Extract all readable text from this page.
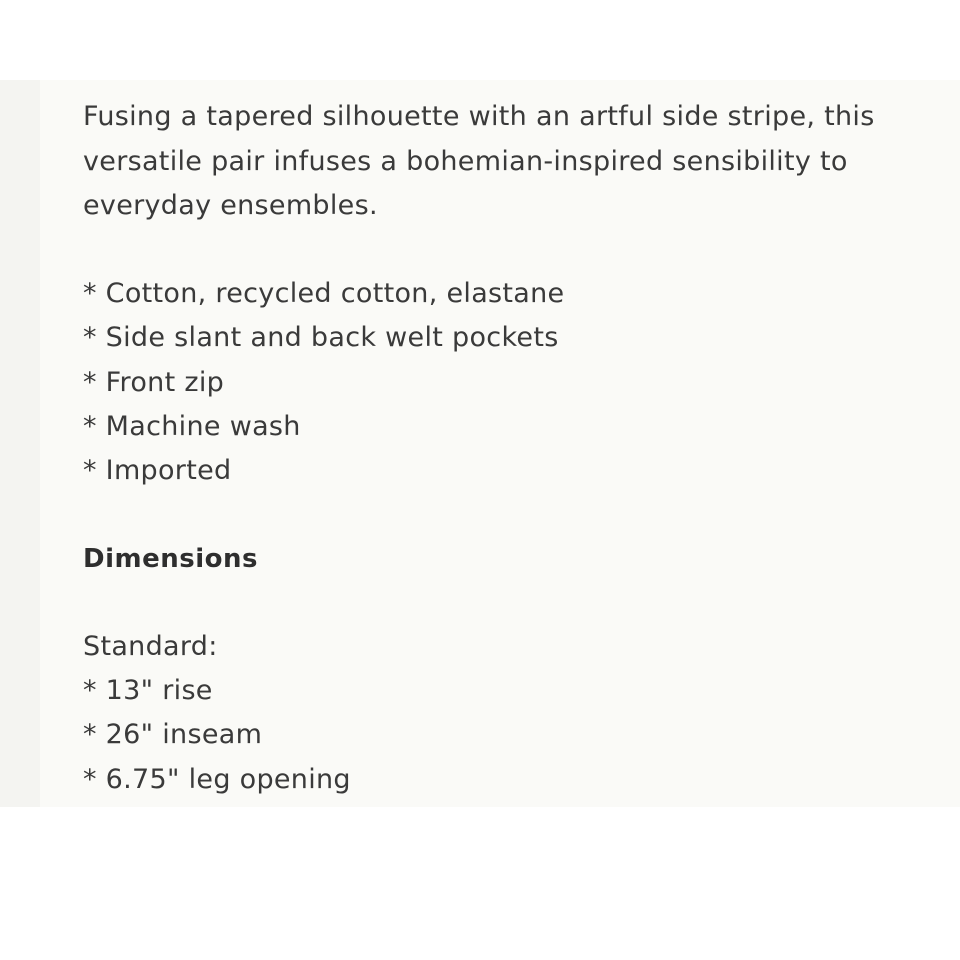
Fusing a tapered silhouette with an artful side stripe, this
versatile pair infuses a bohemian-inspired sensibility to
everyday ensembles.

* Cotton, recycled cotton, elastane
* Side slant and back welt pockets
* Front zip
* Machine wash
* Imported
Dimensions

Standard:

* 13" rise
* 26" inseam
* 6.75" leg opening
